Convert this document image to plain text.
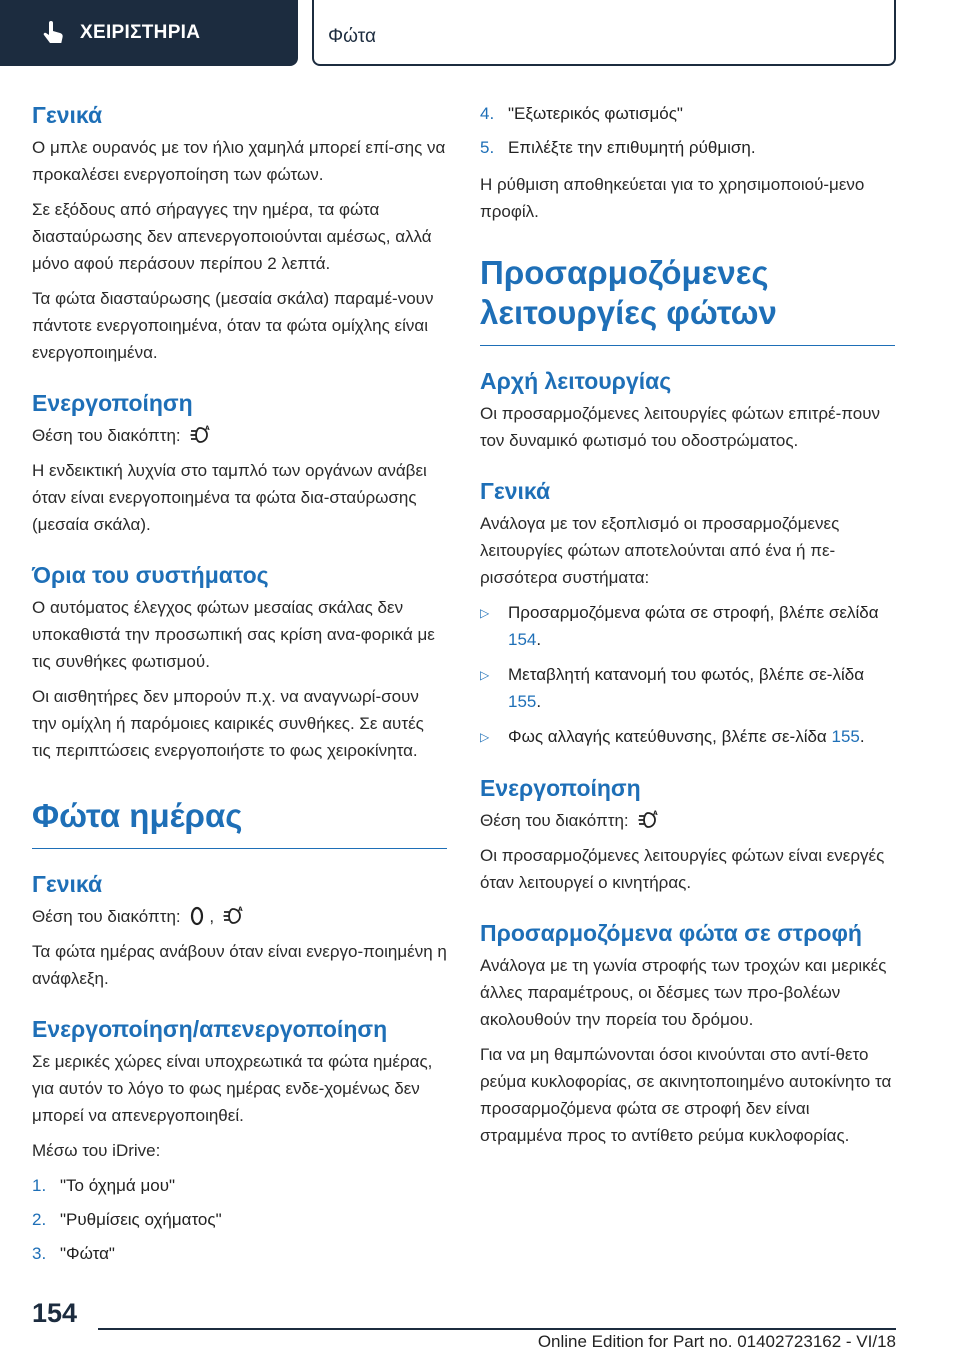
ΧΕΙΡΙΣΤΗΡΙΑ	Φώτα
Γενικά

Ο μπλε ουρανός με τον ήλιο χαμηλά μπορεί επί-σης να προκαλέσει ενεργοποίηση των φώτων.

Σε εξόδους από σήραγγες την ημέρα, τα φώτα διασταύρωσης δεν απενεργοποιούνται αμέσως, αλλά μόνο αφού περάσουν περίπου 2 λεπτά.

Τα φώτα διασταύρωσης (μεσαία σκάλα) παραμέ-νουν πάντοτε ενεργοποιημένα, όταν τα φώτα ομίχλης είναι ενεργοποιημένα.

Ενεργοποίηση

Θέση του διακόπτη:	A

Η ενδεικτική λυχνία στο ταμπλό των οργάνων ανάβει όταν είναι ενεργοποιημένα τα φώτα δια-σταύρωσης (μεσαία σκάλα).

Όρια του συστήματος

Ο αυτόματος έλεγχος φώτων μεσαίας σκάλας δεν υποκαθιστά την προσωπική σας κρίση ανα-φορικά με τις συνθήκες φωτισμού.

Οι αισθητήρες δεν μπορούν π.χ. να αναγνωρί-σουν την ομίχλη ή παρόμοιες καιρικές συνθήκες. Σε αυτές τις περιπτώσεις ενεργοποιήστε το φως χειροκίνητα.

Φώτα ημέρας
Γενικά

Θέση του διακόπτη: ,	A

Τα φώτα ημέρας ανάβουν όταν είναι ενεργο-ποιημένη η ανάφλεξη.

Ενεργοποίηση/απενεργοποίηση

Σε μερικές χώρες είναι υποχρεωτικά τα φώτα ημέρας, για αυτόν το λόγο το φως ημέρας ενδε-χομένως δεν μπορεί να απενεργοποιηθεί.

Μέσω του iDrive:

1. "Το όχημά μου"
2. "Ρυθμίσεις οχήματος"
3. "Φώτα"
4. "Εξωτερικός φωτισμός"
5. Επιλέξτε την επιθυμητή ρύθμιση.

Η ρύθμιση αποθηκεύεται για το χρησιμοποιού-μενο προφίλ.

Προσαρμοζόμενες λειτουργίες φώτων
Αρχή λειτουργίας

Οι προσαρμοζόμενες λειτουργίες φώτων επιτρέ-πουν τον δυναμικό φωτισμό του οδοστρώματος.

Γενικά

Ανάλογα με τον εξοπλισμό οι προσαρμοζόμενες λειτουργίες φώτων αποτελούνται από ένα ή πε-ρισσότερα συστήματα:

▷	Προσαρμοζόμενα φώτα σε στροφή, βλέπε σελίδα 154.
▷	Μεταβλητή κατανομή του φωτός, βλέπε σε-λίδα 155.
▷	Φως αλλαγής κατεύθυνσης, βλέπε σε-λίδα 155.
Ενεργοποίηση

Θέση του διακόπτη:	A

Οι προσαρμοζόμενες λειτουργίες φώτων είναι ενεργές όταν λειτουργεί ο κινητήρας.

Προσαρμοζόμενα φώτα σε στροφή

Ανάλογα με τη γωνία στροφής των τροχών και μερικές άλλες παραμέτρους, οι δέσμες των προ-βολέων ακολουθούν την πορεία του δρόμου.

Για να μη θαμπώνονται όσοι κινούνται στο αντί-θετο ρεύμα κυκλοφορίας, σε ακινητοποιημένο αυτοκίνητο τα προσαρμοζόμενα φώτα σε στροφή δεν είναι στραμμένα προς το αντίθετο ρεύμα κυκλοφορίας.

154
Online Edition for Part no. 01402723162 - VI/18
